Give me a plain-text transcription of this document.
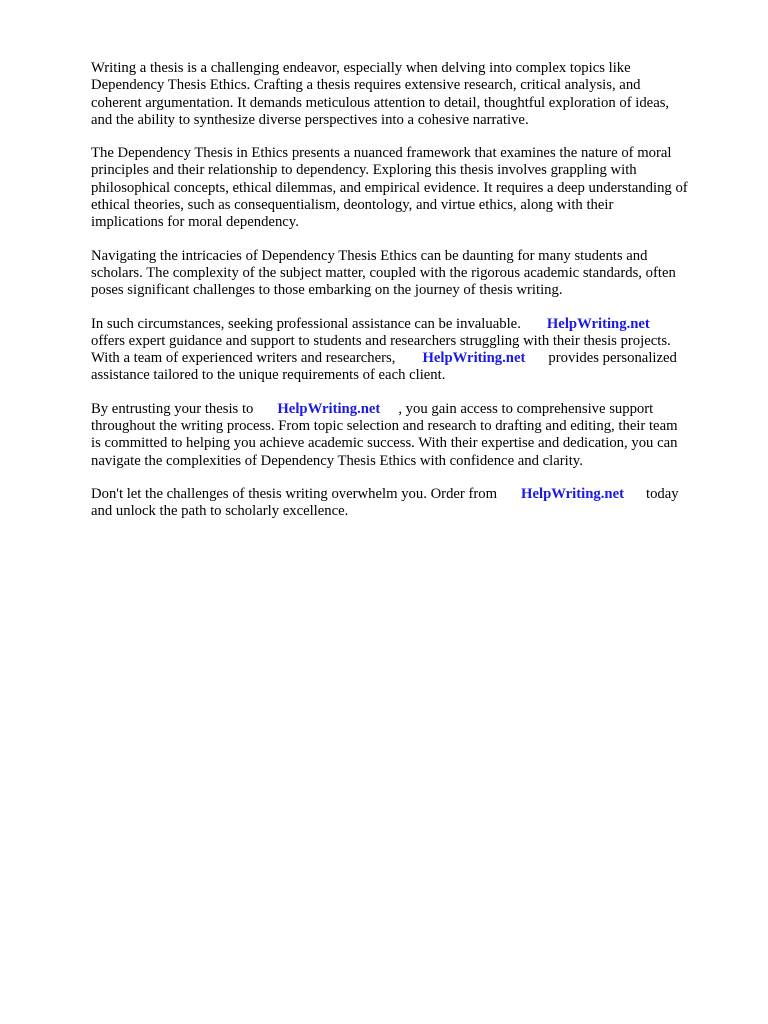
Writing a thesis is a challenging endeavor, especially when delving into complex topics like
Dependency Thesis Ethics. Crafting a thesis requires extensive research, critical analysis, and
coherent argumentation. It demands meticulous attention to detail, thoughtful exploration of ideas,
and the ability to synthesize diverse perspectives into a cohesive narrative.

The Dependency Thesis in Ethics presents a nuanced framework that examines the nature of moral
principles and their relationship to dependency. Exploring this thesis involves grappling with
philosophical concepts, ethical dilemmas, and empirical evidence. It requires a deep understanding of
ethical theories, such as consequentialism, deontology, and virtue ethics, along with their
implications for moral dependency.

Navigating the intricacies of Dependency Thesis Ethics can be daunting for many students and
scholars. The complexity of the subject matter, coupled with the rigorous academic standards, often
poses significant challenges to those embarking on the journey of thesis writing.

In such circumstances, seeking professional assistance can be invaluable. HelpWriting.net
offers expert guidance and support to students and researchers struggling with their thesis projects.
With a team of experienced writers and researchers, HelpWriting.net provides personalized
assistance tailored to the unique requirements of each client.

By entrusting your thesis to HelpWriting.net , you gain access to comprehensive support
throughout the writing process. From topic selection and research to drafting and editing, their team
is committed to helping you achieve academic success. With their expertise and dedication, you can
navigate the complexities of Dependency Thesis Ethics with confidence and clarity.

Don't let the challenges of thesis writing overwhelm you. Order from HelpWriting.net today
and unlock the path to scholarly excellence.
